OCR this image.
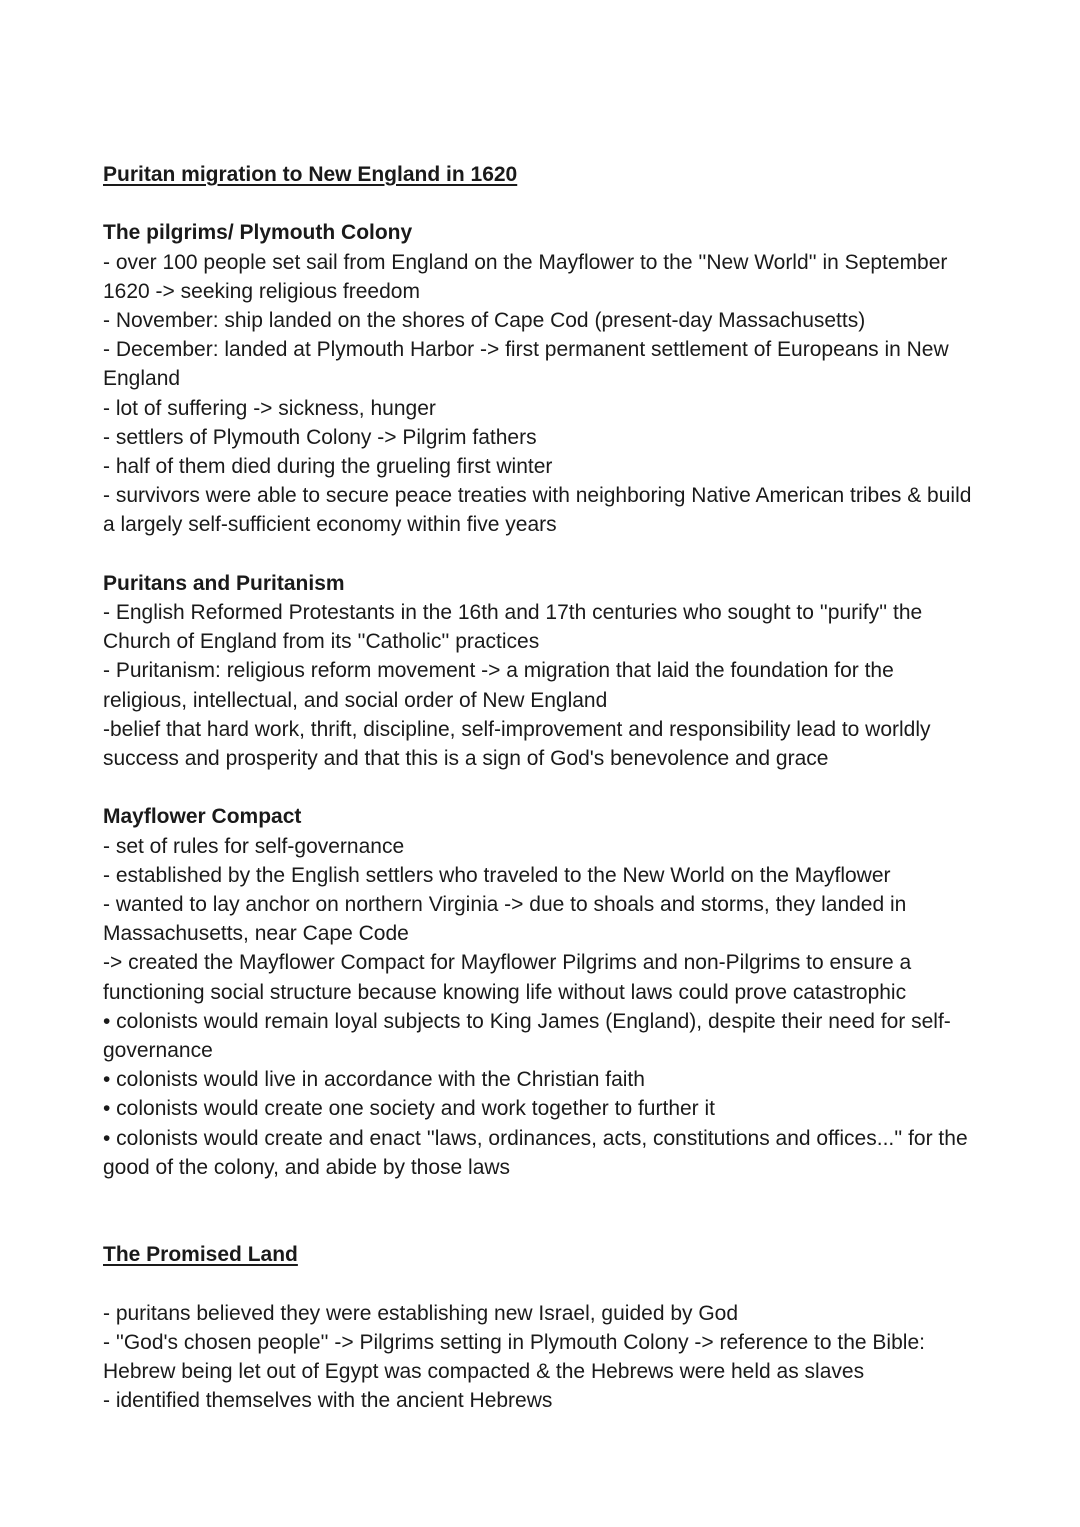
Puritan migration to New England in 1620

The pilgrims/ Plymouth Colony

- over 100 people set sail from England on the Mayflower to the ''New World'' in September 1620 -> seeking religious freedom

- November: ship landed on the shores of Cape Cod (present-day Massachusetts)

- December: landed at Plymouth Harbor -> first permanent settlement of Europeans in New England

- lot of suffering -> sickness, hunger

- settlers of Plymouth Colony -> Pilgrim fathers

- half of them died during the grueling first winter

- survivors were able to secure peace treaties with neighboring Native American tribes & build a largely self-sufficient economy within five years

Puritans and Puritanism

- English Reformed Protestants in the 16th and 17th centuries who sought to ''purify'' the Church of England from its ''Catholic'' practices

- Puritanism: religious reform movement -> a migration that laid the foundation for the religious, intellectual, and social order of New England

-belief that hard work, thrift, discipline, self-improvement and responsibility lead to worldly success and prosperity and that this is a sign of God's benevolence and grace

Mayflower Compact

- set of rules for self-governance

- established by the English settlers who traveled to the New World on the Mayflower

- wanted to lay anchor on northern Virginia -> due to shoals and storms, they landed in Massachusetts, near Cape Code

-> created the Mayflower Compact for Mayflower Pilgrims and non-Pilgrims to ensure a functioning social structure because knowing life without laws could prove catastrophic

• colonists would remain loyal subjects to King James (England), despite their need for self-governance

• colonists would live in accordance with the Christian faith

• colonists would create one society and work together to further it

• colonists would create and enact ''laws, ordinances, acts, constitutions and offices...'' for the good of the colony, and abide by those laws

The Promised Land

- puritans believed they were establishing new Israel, guided by God

- ''God's chosen people'' -> Pilgrims setting in Plymouth Colony -> reference to the Bible: Hebrew being let out of Egypt was compacted & the Hebrews were held as slaves

- identified themselves with the ancient Hebrews
